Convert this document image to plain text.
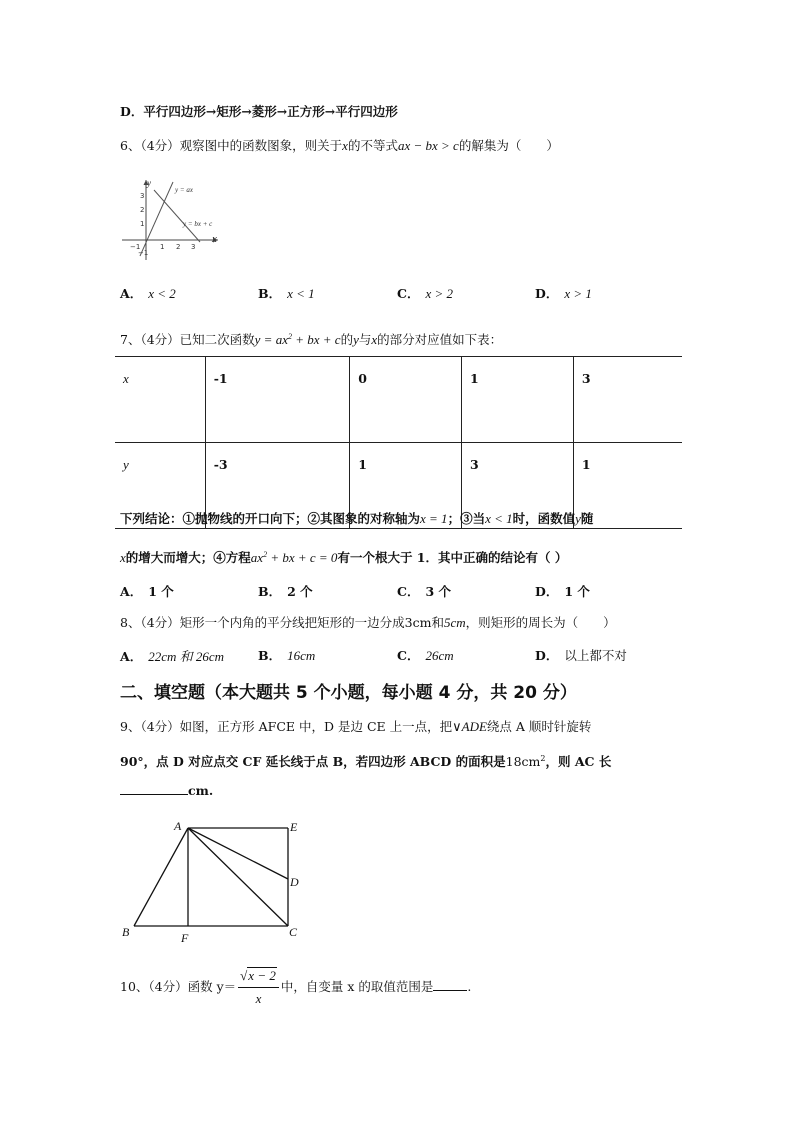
D．平行四边形→矩形→菱形→正方形→平行四边形
6、（4分）观察图中的函数图象，则关于x的不等式ax − bx > c的解集为（　　）
x
y
−1	1 2 3
3
2
1
−1
y = ax
y = bx + c
A． x < 2	B． x < 1	C． x > 2	D． x > 1
7、（4分）已知二次函数$y = ax^2$ + bx + c的y与x的部分对应值如下表：
x	-1	0	1	3
y	-3	1	3	1
下列结论：①抛物线的开口向下；②其图象的对称轴为x = 1；③当x < 1时，函数值y随
x的增大而增大；④方程$ax^2$ + bx + c = 0有一个根大于 1．其中正确的结论有（ ）
A． 1 个	B． 2 个	C． 3 个	D． 1 个
8、（4分）矩形一个内角的平分线把矩形的一边分成3cm和5cm，则矩形的周长为（　　）
A． 22cm 和 26cm	B． 16cm	C． 26cm	D． 以上都不对
二、填空题（本大题共 5 个小题，每小题 4 分，共 20 分）
9、（4分）如图，正方形 AFCE 中，D 是边 CE 上一点，把∨ADE绕点 A 顺时针旋转
90°，点 D 对应点交 CF 延长线于点 B，若四边形 ABCD 的面积是$18cm^2$，则 AC 长
cm.
A	E
D
B	F	C
10、（4分）函数 $y= \frac{√x - 2}{x}$ 中，自变量 x 的取值范围是	.
